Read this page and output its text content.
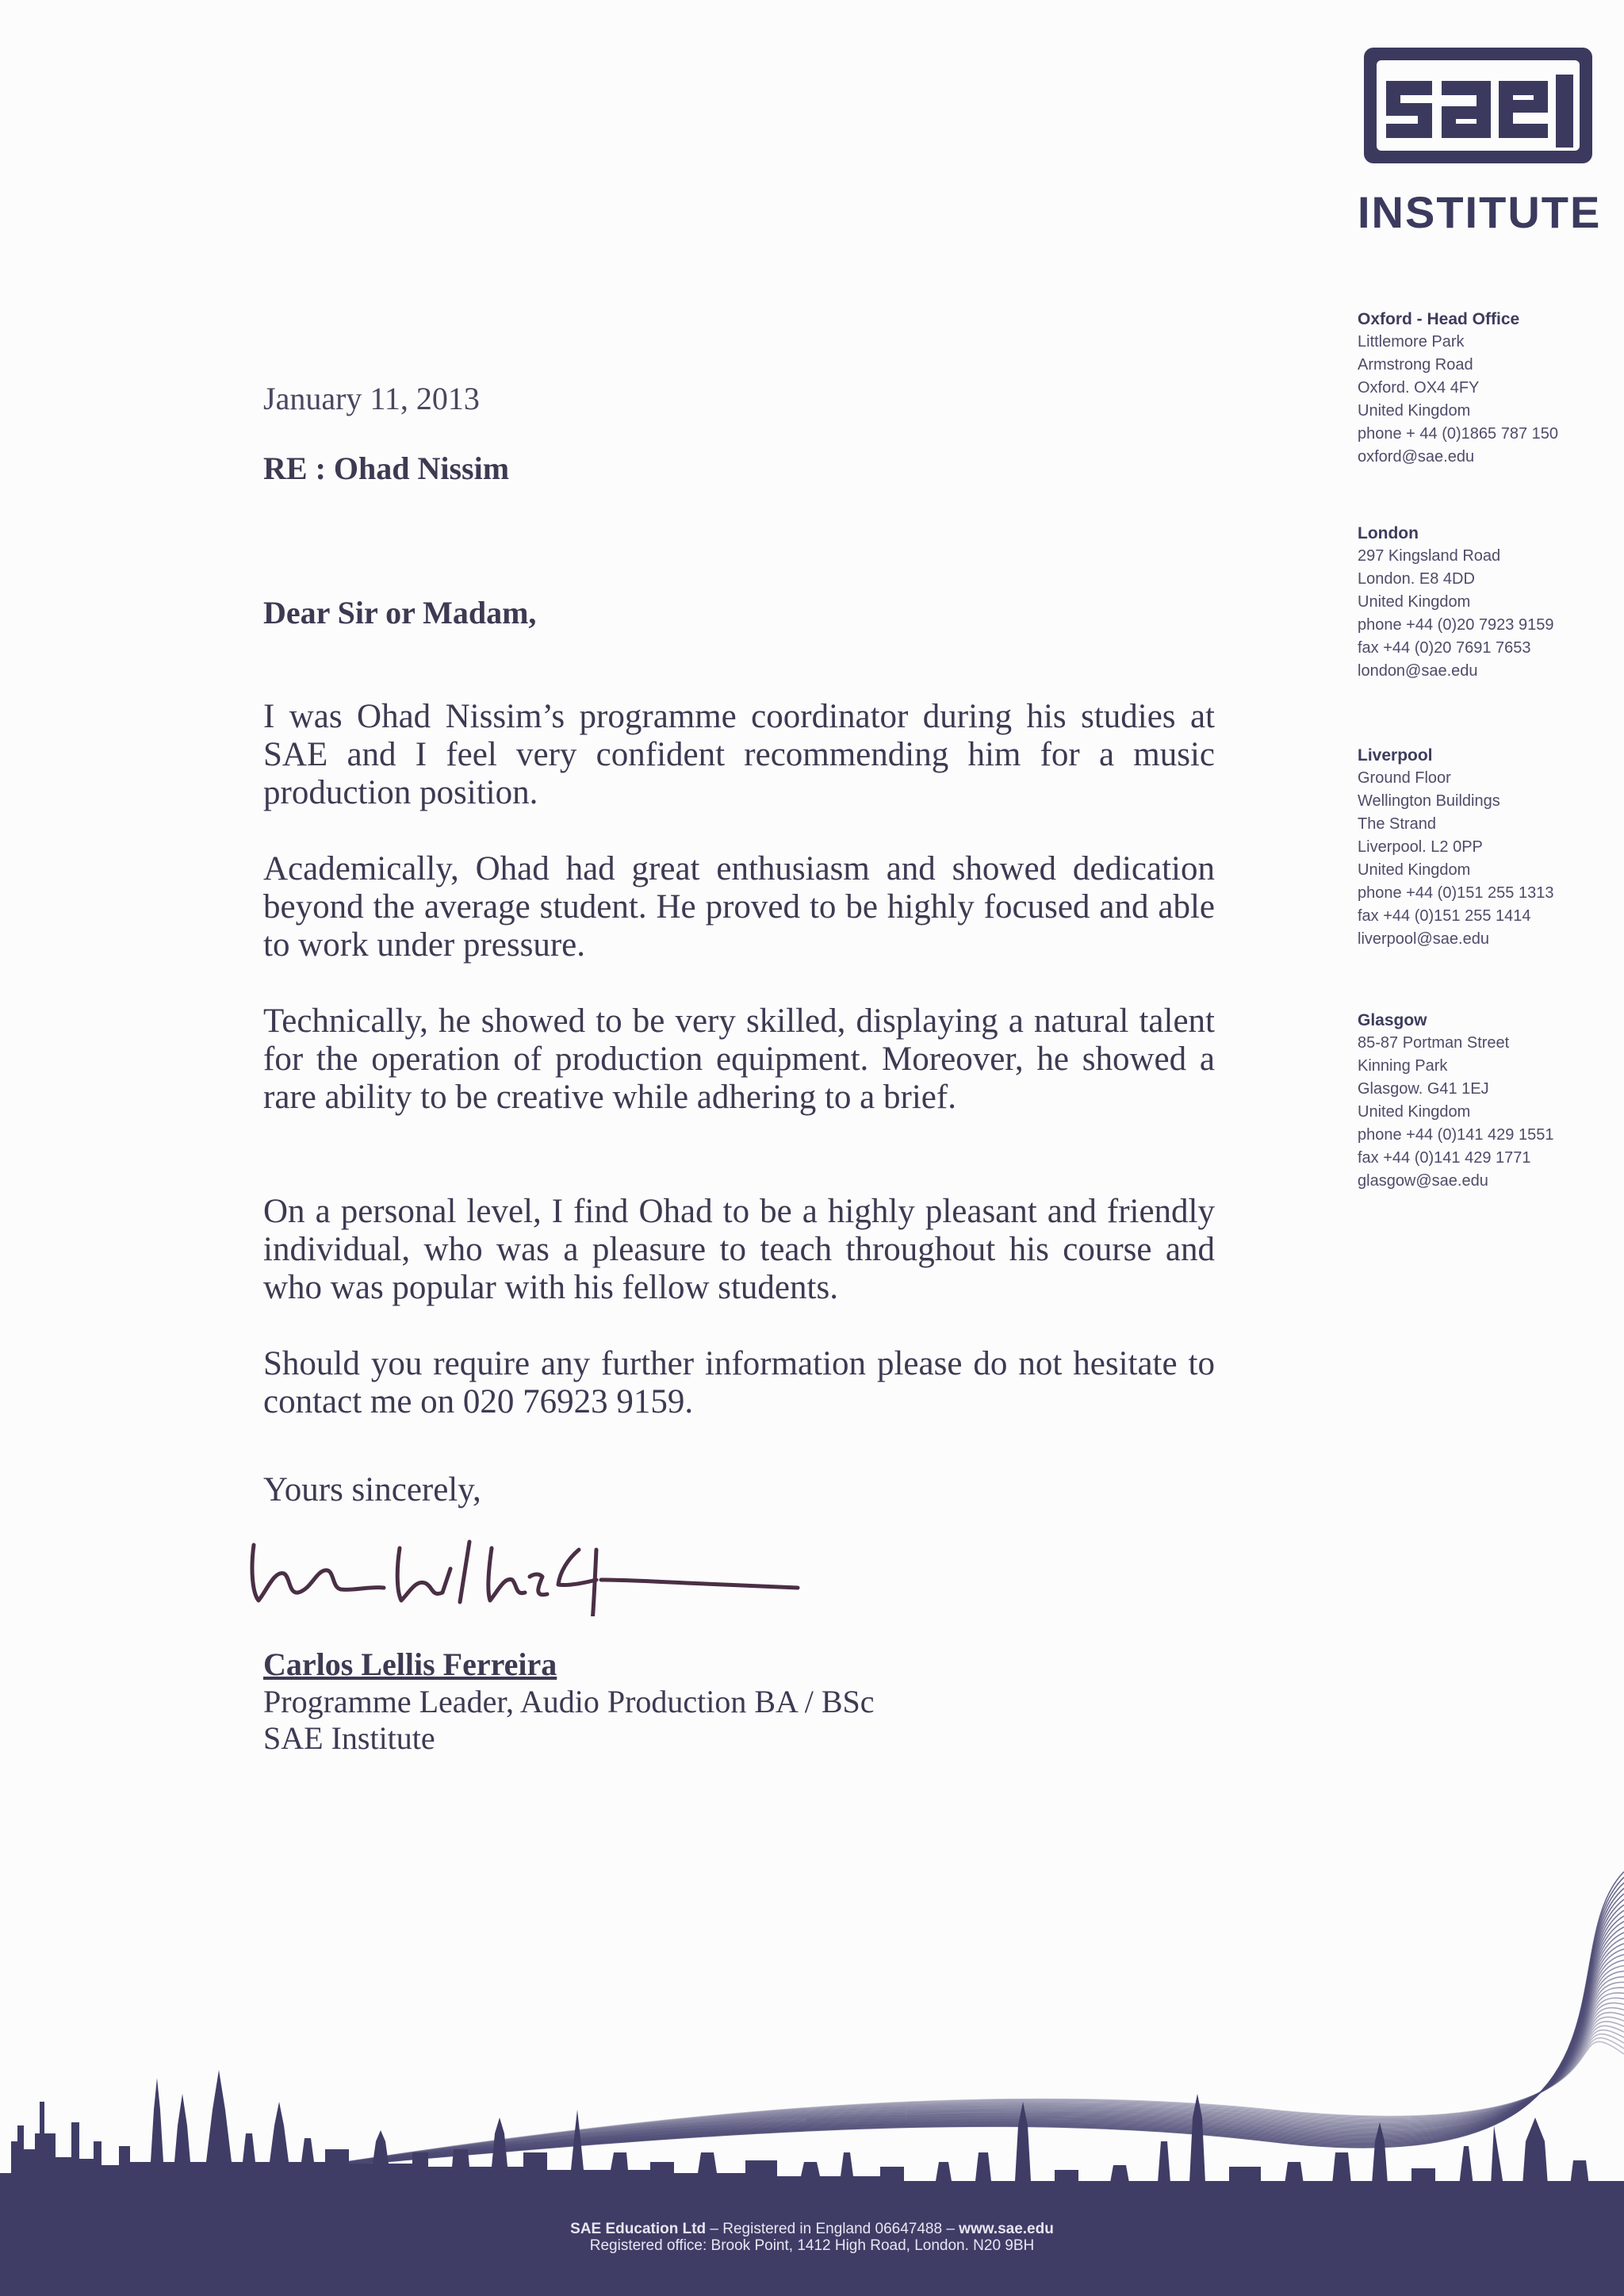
INSTITUTE
Oxford - Head Office
Littlemore Park
Armstrong Road
Oxford. OX4 4FY
United Kingdom
phone + 44 (0)1865 787 150
oxford@sae.edu
London
297 Kingsland Road
London. E8 4DD
United Kingdom
phone +44 (0)20 7923 9159
fax +44 (0)20 7691 7653
london@sae.edu
Liverpool
Ground Floor
Wellington Buildings
The Strand
Liverpool. L2 0PP
United Kingdom
phone +44 (0)151 255 1313
fax +44 (0)151 255 1414
liverpool@sae.edu
Glasgow
85-87 Portman Street
Kinning Park
Glasgow. G41 1EJ
United Kingdom
phone +44 (0)141 429 1551
fax +44 (0)141 429 1771
glasgow@sae.edu
January 11, 2013
RE : Ohad Nissim
Dear Sir or Madam,
I was Ohad Nissim’s programme coordinator during his studies at SAE and I feel very confident recommending him for a music production position.
Academically, Ohad had great enthusiasm and showed dedication beyond the average student. He proved to be highly focused and able to work under pressure.
Technically, he showed to be very skilled, displaying a natural talent for the operation of production equipment. Moreover, he showed a rare ability to be creative while adhering to a brief.
On a personal level, I find Ohad to be a highly pleasant and friendly individual, who was a pleasure to teach throughout his course and who was popular with his fellow students.
Should you require any further information please do not hesitate to contact me on 020 76923 9159.
Yours sincerely,
Carlos Lellis Ferreira
Programme Leader, Audio Production BA / BSc
SAE Institute
SAE Education Ltd – Registered in England 06647488 – www.sae.edu
Registered office: Brook Point, 1412 High Road, London. N20 9BH
